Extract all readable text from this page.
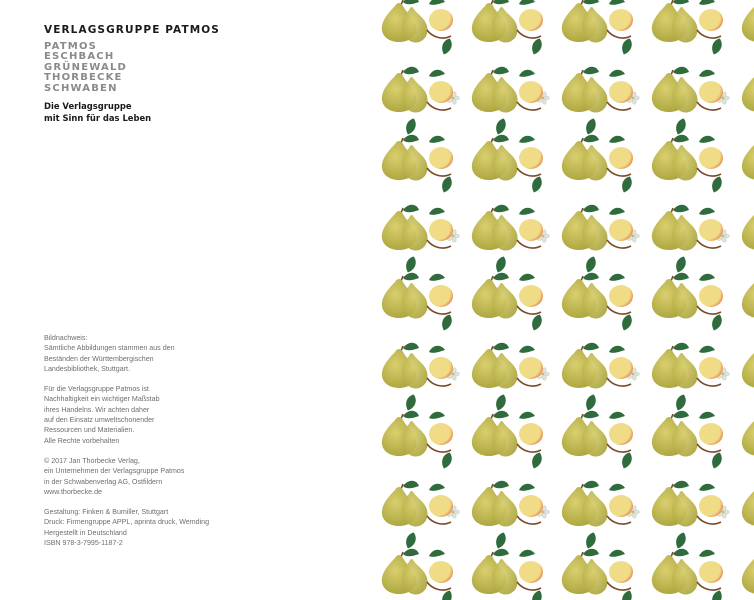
VERLAGSGRUPPE PATMOS
PATMOS
ESCHBACH
GRÜNEWALD
THORBECKE
SCHWABEN
Die Verlagsgruppe
mit Sinn für das Leben
Bildnachweis:
Sämtliche Abbildungen stammen aus den
Beständen der Württembergischen
Landesbibliothek, Stuttgart.
Für die Verlagsgruppe Patmos ist
Nachhaltigkeit ein wichtiger Maßstab
ihres Handelns. Wir achten daher
auf den Einsatz umweltschonender
Ressourcen und Materialien.
Alle Rechte vorbehalten
© 2017 Jan Thorbecke Verlag,
ein Unternehmen der Verlagsgruppe Patmos
in der Schwabenverlag AG, Ostfildern
www.thorbecke.de
Gestaltung: Finken & Bumiller, Stuttgart
Druck: Firmengruppe APPL, aprinta druck, Wemding
Hergestellt in Deutschland
ISBN 978-3-7995-1187-2
